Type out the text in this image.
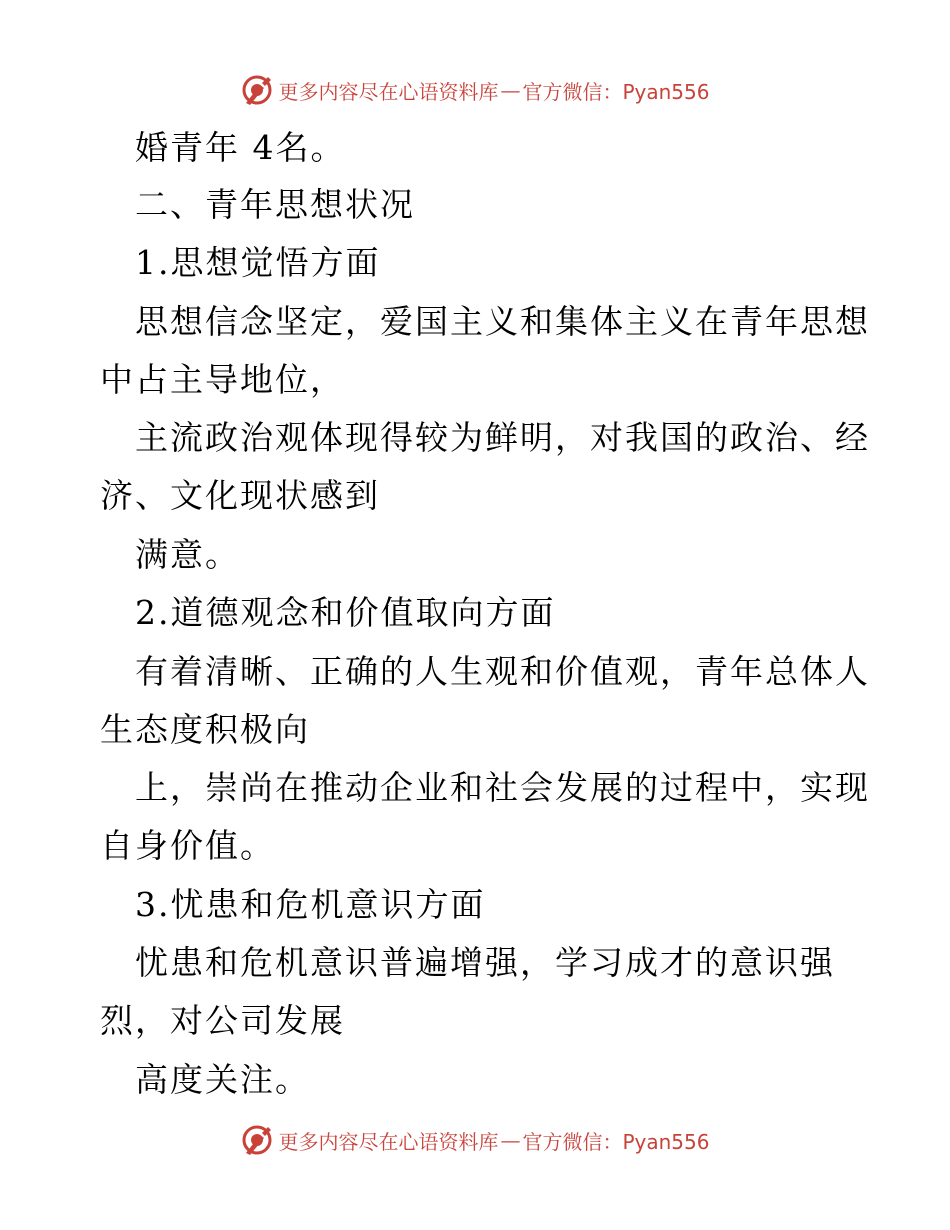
更多内容尽在心语资料库 — 官方微信：Pyan556
婚青年 4名。
二、青年思想状况
1.思想觉悟方面
思想信念坚定，爱国主义和集体主义在青年思想
中占主导地位，
主流政治观体现得较为鲜明，对我国的政治、经
济、文化现状感到
满意。
2.道德观念和价值取向方面
有着清晰、正确的人生观和价值观，青年总体人
生态度积极向
上，崇尚在推动企业和社会发展的过程中，实现
自身价值。
3.忧患和危机意识方面
忧患和危机意识普遍增强，学习成才的意识强
烈，对公司发展
高度关注。
更多内容尽在心语资料库 — 官方微信：Pyan556
